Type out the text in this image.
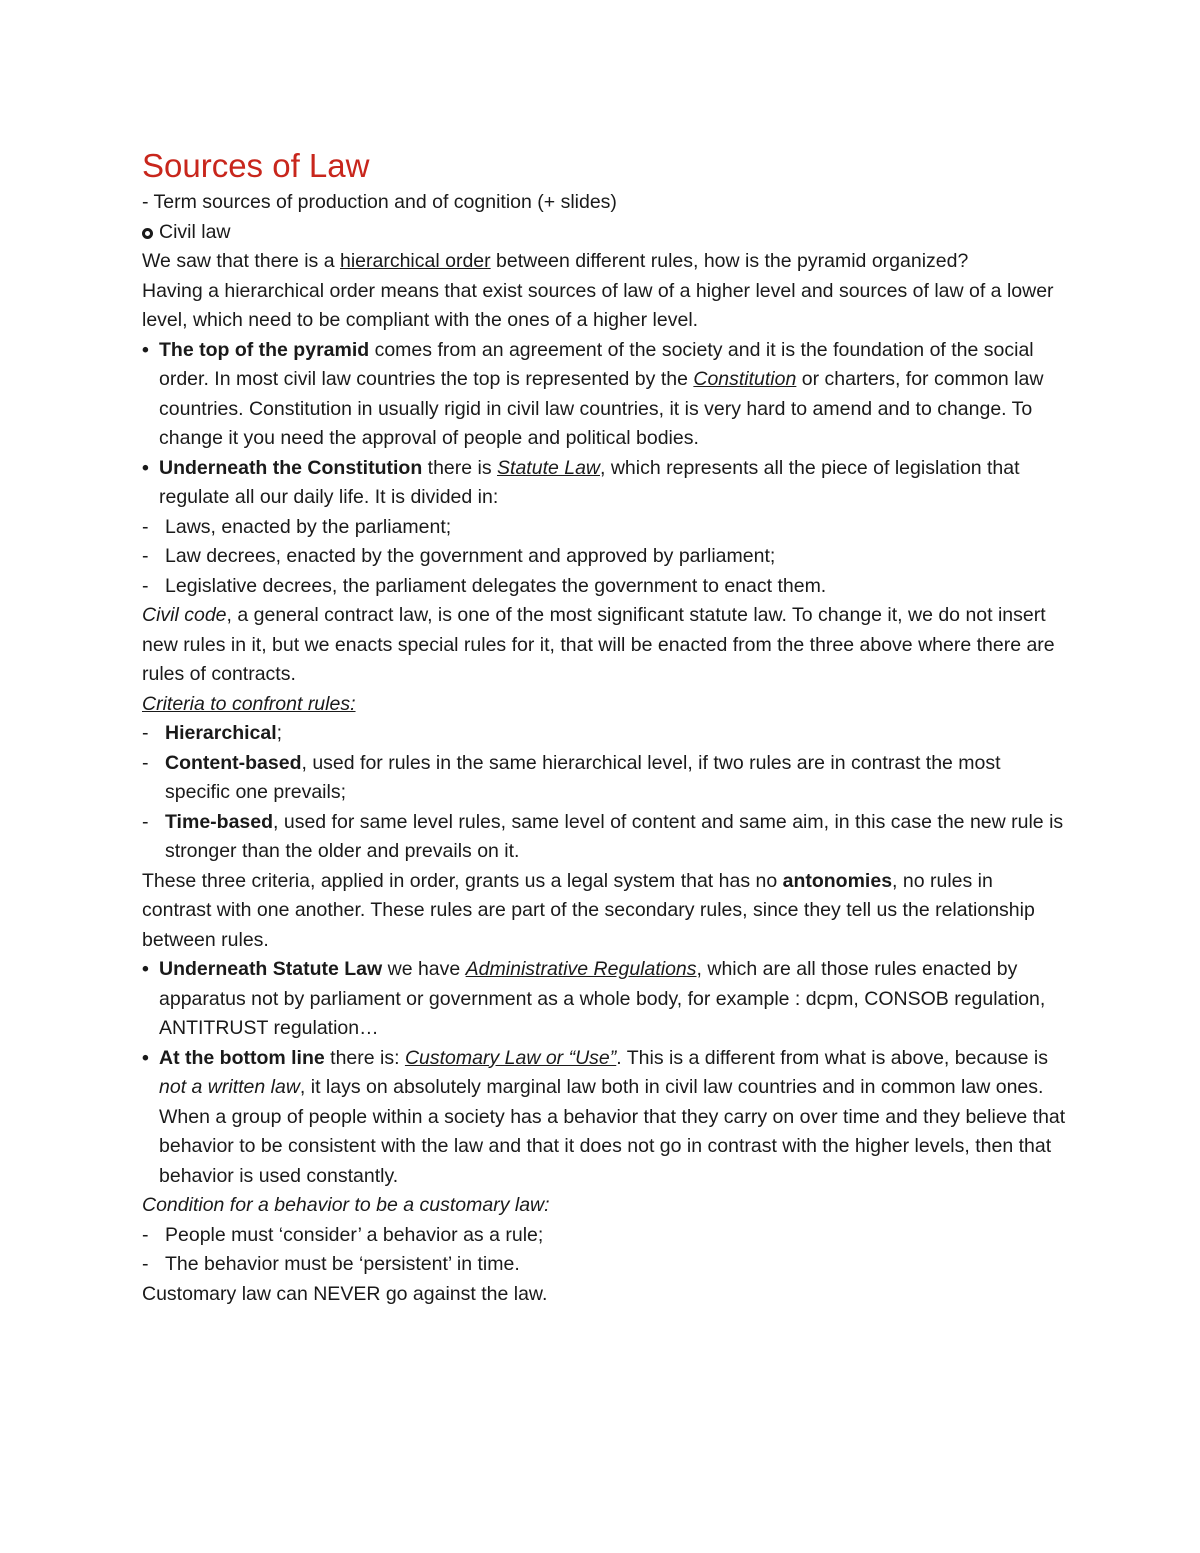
Sources of Law

- Term sources of production and of cognition (+ slides)

Civil law

We saw that there is a hierarchical order between different rules, how is the pyramid organized?

Having a hierarchical order means that exist sources of law of a higher level and sources of law of a lower level, which need to be compliant with the ones of a higher level.

• The top of the pyramid comes from an agreement of the society and it is the foundation of the social order. In most civil law countries the top is represented by the Constitution or charters, for common law countries. Constitution in usually rigid in civil law countries, it is very hard to amend and to change. To change it you need the approval of people and political bodies.
• Underneath the Constitution there is Statute Law, which represents all the piece of legislation that regulate all our daily life. It is divided in:
- Laws, enacted by the parliament;
- Law decrees, enacted by the government and approved by parliament;
- Legislative decrees, the parliament delegates the government to enact them.

Civil code, a general contract law, is one of the most significant statute law. To change it, we do not insert new rules in it, but we enacts special rules for it, that will be enacted from the three above where there are rules of contracts.

Criteria to confront rules:

- Hierarchical;
- Content-based, used for rules in the same hierarchical level, if two rules are in contrast the most specific one prevails;
- Time-based, used for same level rules, same level of content and same aim, in this case the new rule is stronger than the older and prevails on it.

These three criteria, applied in order, grants us a legal system that has no antonomies, no rules in contrast with one another. These rules are part of the secondary rules, since they tell us the relationship between rules.

• Underneath Statute Law we have Administrative Regulations, which are all those rules enacted by apparatus not by parliament or government as a whole body, for example : dcpm, CONSOB regulation, ANTITRUST regulation…
• At the bottom line there is: Customary Law or “Use”. This is a different from what is above, because is not a written law, it lays on absolutely marginal law both in civil law countries and in common law ones. When a group of people within a society has a behavior that they carry on over time and they believe that behavior to be consistent with the law and that it does not go in contrast with the higher levels, then that behavior is used constantly.

Condition for a behavior to be a customary law:

- People must ‘consider’ a behavior as a rule;
- The behavior must be ‘persistent’ in time.

Customary law can NEVER go against the law.
